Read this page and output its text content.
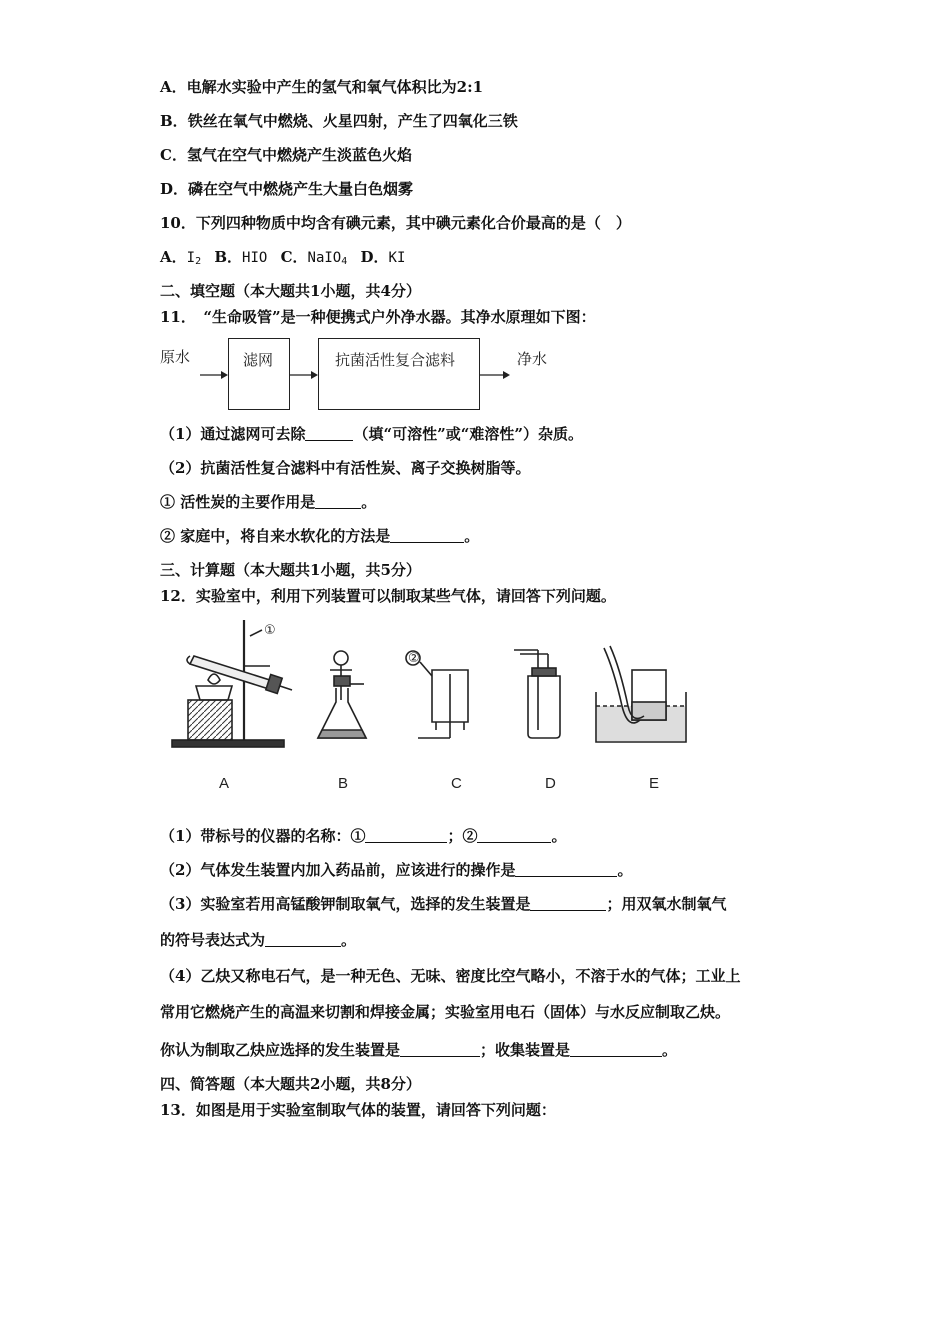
A．电解水实验中产生的氢气和氧气体积比为2:1
B．铁丝在氧气中燃烧、火星四射，产生了四氧化三铁
C．氢气在空气中燃烧产生淡蓝色火焰
D．磷在空气中燃烧产生大量白色烟雾
10．下列四种物质中均含有碘元素，其中碘元素化合价最高的是（　）
A．$I_2$ B．HIO C．NaIO$_4$ D．KI
二、填空题（本大题共1小题，共4分）
11．　“生命吸管”是一种便携式户外净水器。其净水原理如下图：
原水	滤网	抗菌活性复合滤料	净水
（1）通过滤网可去除	（填“可溶性”或“难溶性”）杂质。
（2）抗菌活性复合滤料中有活性炭、离子交换树脂等。
① 活性炭的主要作用是	。
② 家庭中，将自来水软化的方法是	。
三、计算题（本大题共1小题，共5分）
12．实验室中，利用下列装置可以制取某些气体，请回答下列问题。
①
②
A	B	C	D	E
（1）带标号的仪器的名称：①	；②	。
（2）气体发生装置内加入药品前，应该进行的操作是	。
（3）实验室若用高锰酸钾制取氧气，选择的发生装置是	；用双氧水制氧气
的符号表达式为	。
（4）乙炔又称电石气，是一种无色、无味、密度比空气略小，不溶于水的气体；工业上
常用它燃烧产生的高温来切割和焊接金属；实验室用电石（固体）与水反应制取乙炔。
你认为制取乙炔应选择的发生装置是	；收集装置是	。
四、简答题（本大题共2小题，共8分）
13．如图是用于实验室制取气体的装置，请回答下列问题：
